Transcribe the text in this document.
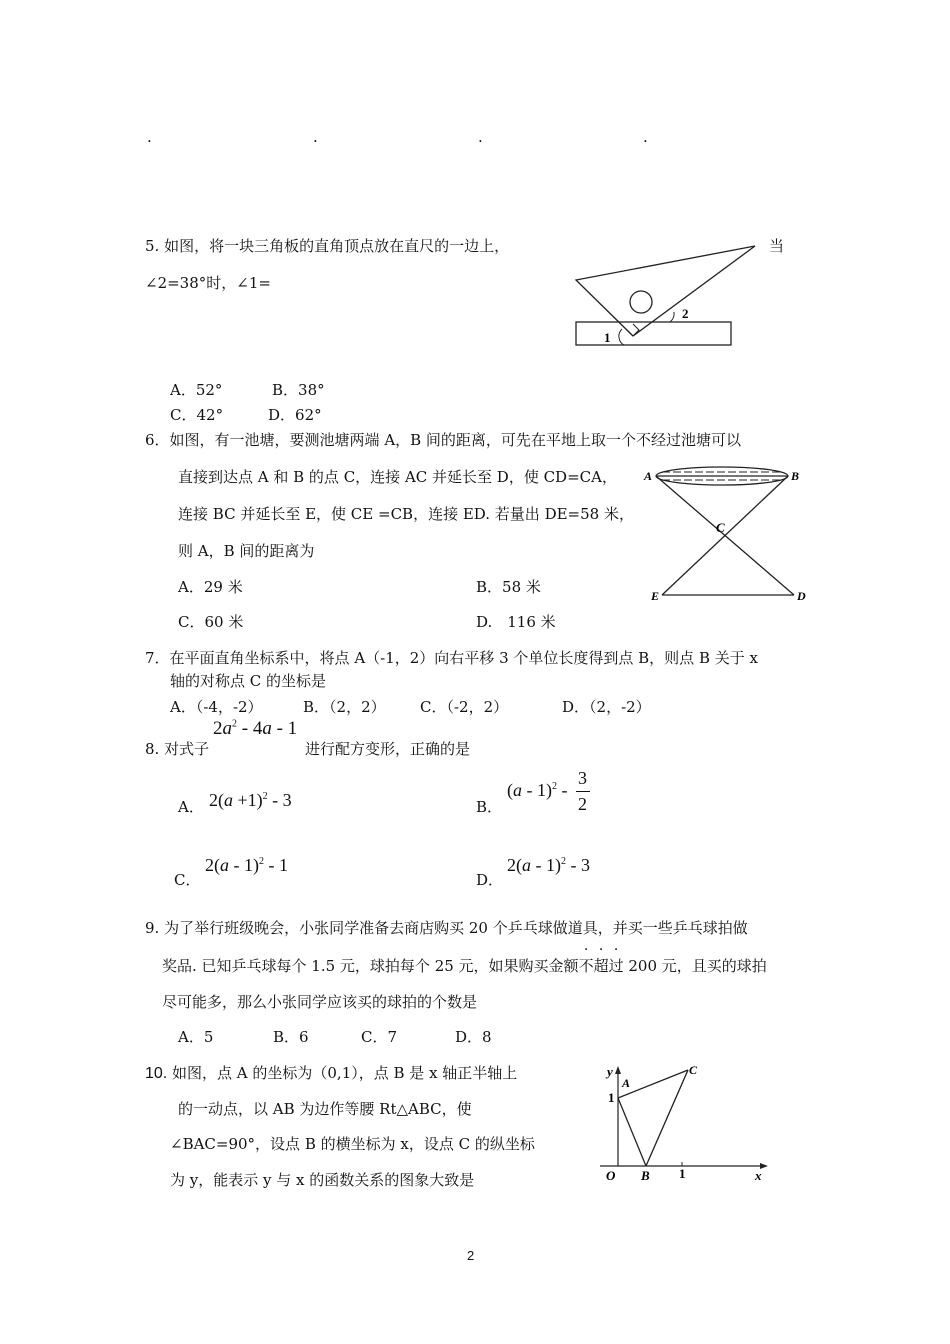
.	.	.	.
5. 如图，将一块三角板的直角顶点放在直尺的一边上，	当
∠2=38°时，∠1=
A．52°	B．38°
C．42°	D．62°
1
2
6．如图，有一池塘，要测池塘两端 A，B 间的距离，可先在平地上取一个不经过池塘可以
直接到达点 A 和 B 的点 C，连接 AC 并延长至 D，使 CD=CA，
连接 BC 并延长至 E，使 CE =CB，连接 ED. 若量出 DE=58 米，
则 A，B 间的距离为
A．29 米	B．58 米
C．60 米	D.　116 米
A	B
C
E	D
7．在平面直角坐标系中，将点 A（-1，2）向右平移 3 个单位长度得到点 B，则点 B 关于 x
轴的对称点 C 的坐标是
A．（-4，-2）	B．（2，2） C．（-2，2）	D．（2，-2）
8. 对式子
$2a^2 - 4a - 1$
进行配方变形，正确的是
A． $2(a +1)^2 - 3$	B．
(a - 1)$^2$ -
3
2
C．
2(a - 1)$^2$ - 1
D．
2(a - 1)$^2$ - 3
9. 为了举行班级晚会，小张同学准备去商店购买 20 个乒乓球做道具，并买一些乒乓球拍做
奖品. 已知乒乓球每个 1.5 元，球拍每个 25 元，如果购买金额不超过 200 元，且买的球拍
尽可能多，那么小张同学应该买的球拍的个数是
A．5	B．6	C．7	D．8
10. 如图，点 A 的坐标为（0,1），点 B 是 x 轴正半轴上
的一动点，以 AB 为边作等腰 Rt△ABC，使
∠BAC=90°，设点 B 的横坐标为 x，设点 C 的纵坐标
为 y，能表示 y 与 x 的函数关系的图象大致是
y
x
A
C
1
O B 1
2
